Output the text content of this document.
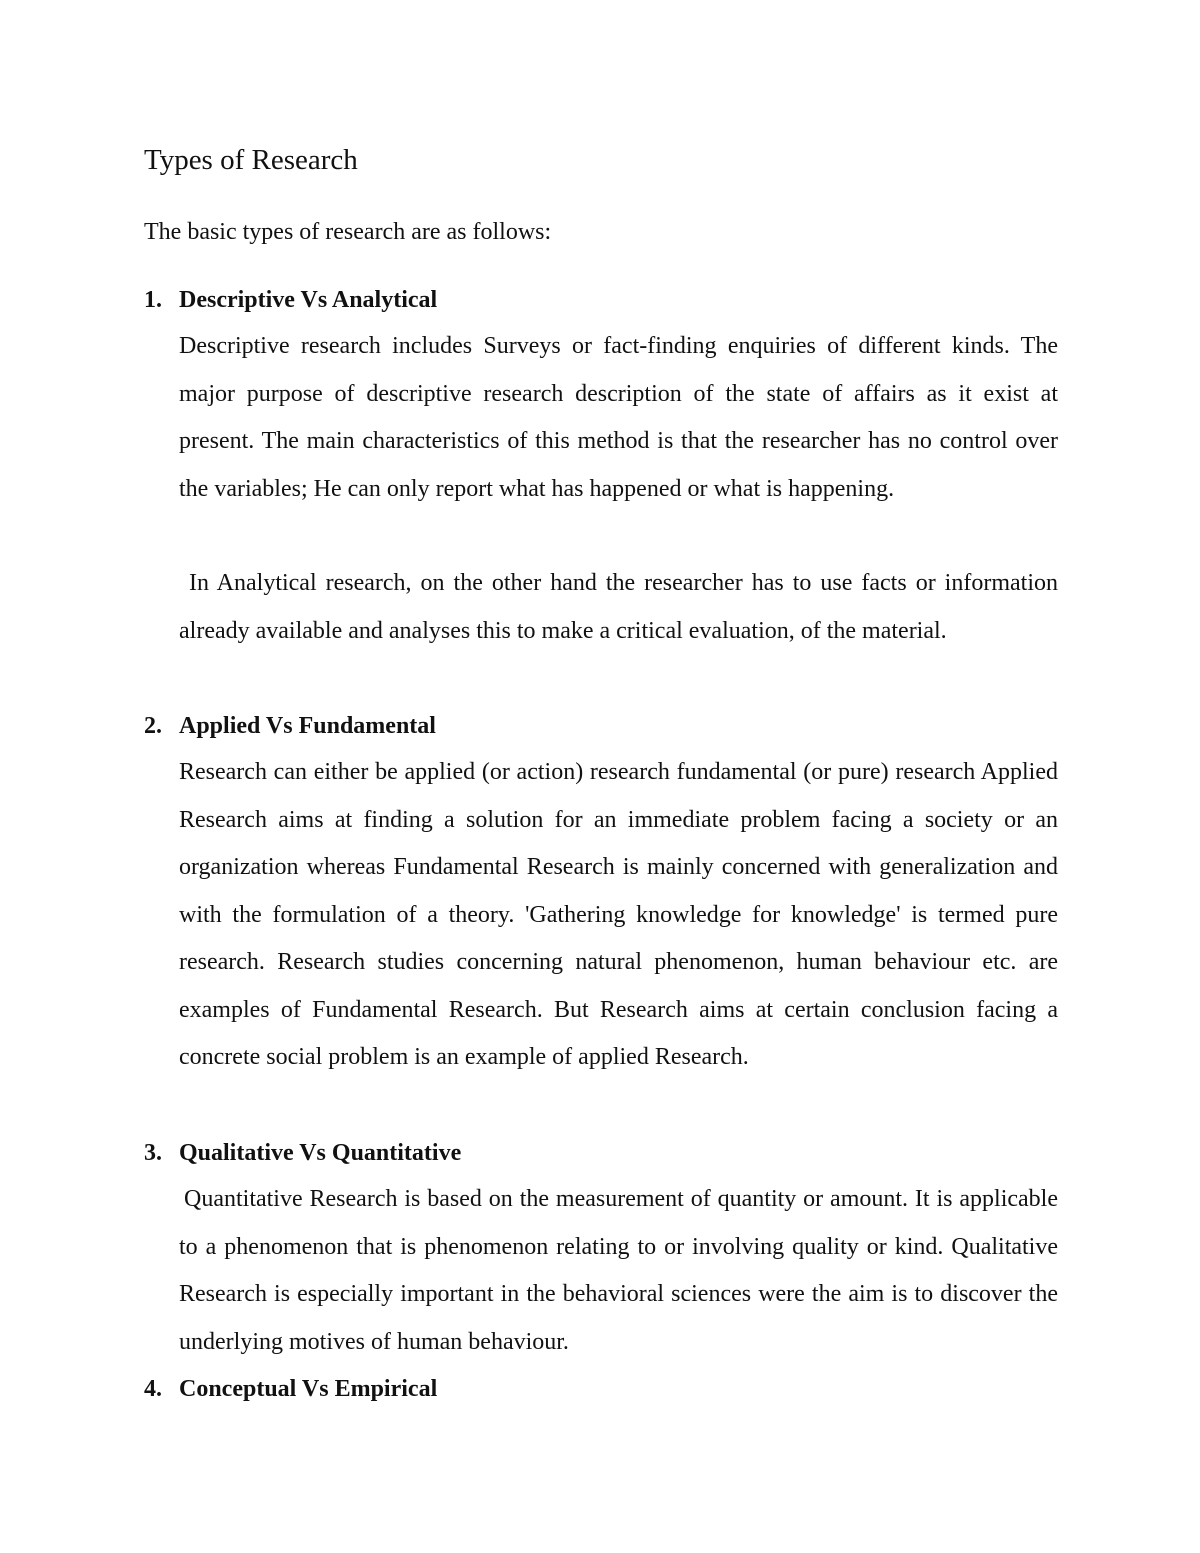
Types of Research

The basic types of research are as follows:

1. Descriptive Vs Analytical

Descriptive research includes Surveys or fact-finding enquiries of different kinds. The major purpose of descriptive research description of the state of affairs as it exist at present. The main characteristics of this method is that the researcher has no control over the variables; He can only report what has happened or what is happening.

In Analytical research, on the other hand the researcher has to use facts or information already available and analyses this to make a critical evaluation, of the material.

2. Applied Vs Fundamental

Research can either be applied (or action) research fundamental (or pure) research Applied Research aims at finding a solution for an immediate problem facing a society or an organization whereas Fundamental Research is mainly concerned with generalization and with the formulation of a theory. 'Gathering knowledge for knowledge' is termed pure research. Research studies concerning natural phenomenon, human behaviour etc. are examples of Fundamental Research. But Research aims at certain conclusion facing a concrete social problem is an example of applied Research.

3. Qualitative Vs Quantitative

Quantitative Research is based on the measurement of quantity or amount. It is applicable to a phenomenon that is phenomenon relating to or involving quality or kind. Qualitative Research is especially important in the behavioral sciences were the aim is to discover the underlying motives of human behaviour.

4. Conceptual Vs Empirical
